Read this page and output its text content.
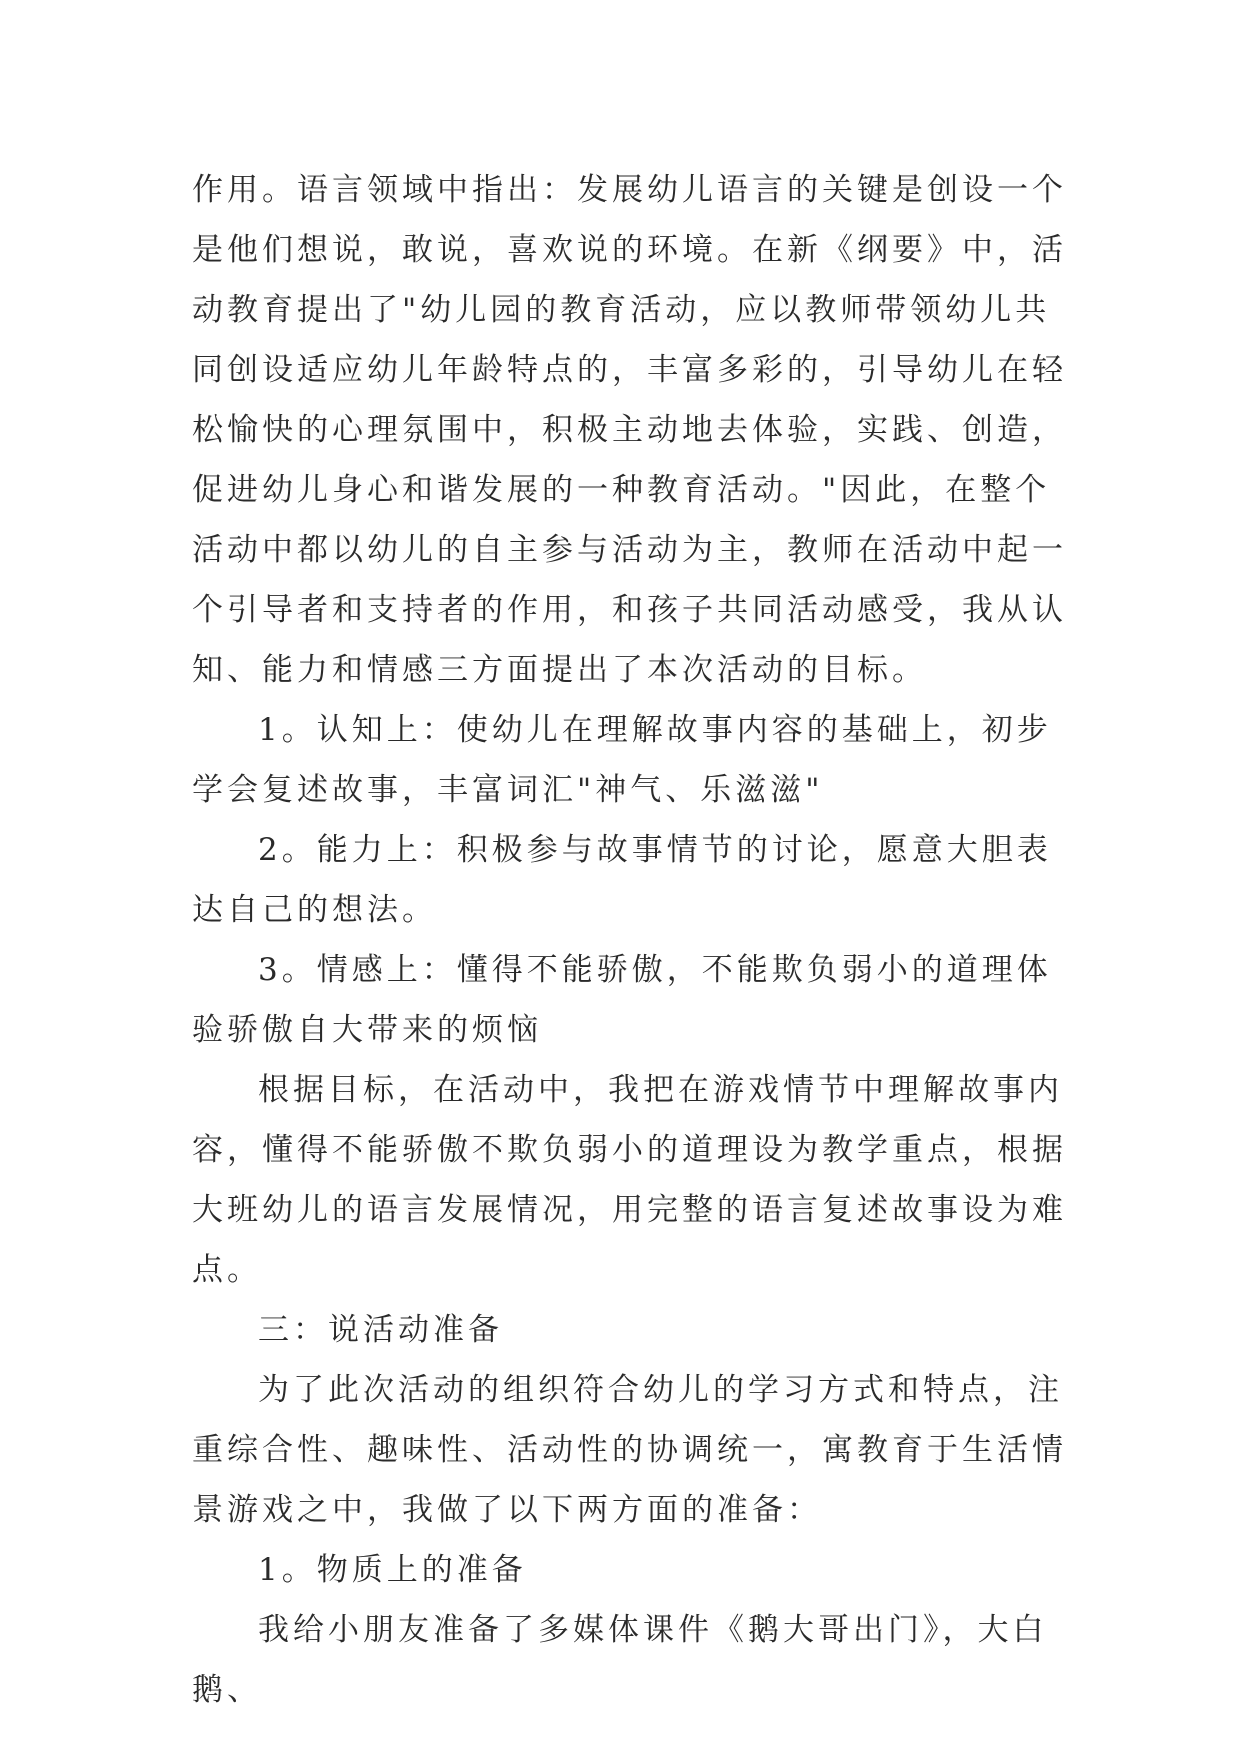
作用。语言领域中指出：发展幼儿语言的关键是创设一个是他们想说，敢说，喜欢说的环境。在新《纲要》中，活动教育提出了"幼儿园的教育活动，应以教师带领幼儿共同创设适应幼儿年龄特点的，丰富多彩的，引导幼儿在轻松愉快的心理氛围中，积极主动地去体验，实践、创造，促进幼儿身心和谐发展的一种教育活动。"因此，在整个活动中都以幼儿的自主参与活动为主，教师在活动中起一个引导者和支持者的作用，和孩子共同活动感受，我从认知、能力和情感三方面提出了本次活动的目标。

1。认知上：使幼儿在理解故事内容的基础上，初步学会复述故事，丰富词汇"神气、乐滋滋"

2。能力上：积极参与故事情节的讨论，愿意大胆表达自己的想法。

3。情感上：懂得不能骄傲，不能欺负弱小的道理体验骄傲自大带来的烦恼

根据目标，在活动中，我把在游戏情节中理解故事内容，懂得不能骄傲不欺负弱小的道理设为教学重点，根据大班幼儿的语言发展情况，用完整的语言复述故事设为难点。

三：说活动准备

为了此次活动的组织符合幼儿的学习方式和特点，注重综合性、趣味性、活动性的协调统一，寓教育于生活情景游戏之中，我做了以下两方面的准备：

1。物质上的准备

我给小朋友准备了多媒体课件《鹅大哥出门》，大白鹅、
